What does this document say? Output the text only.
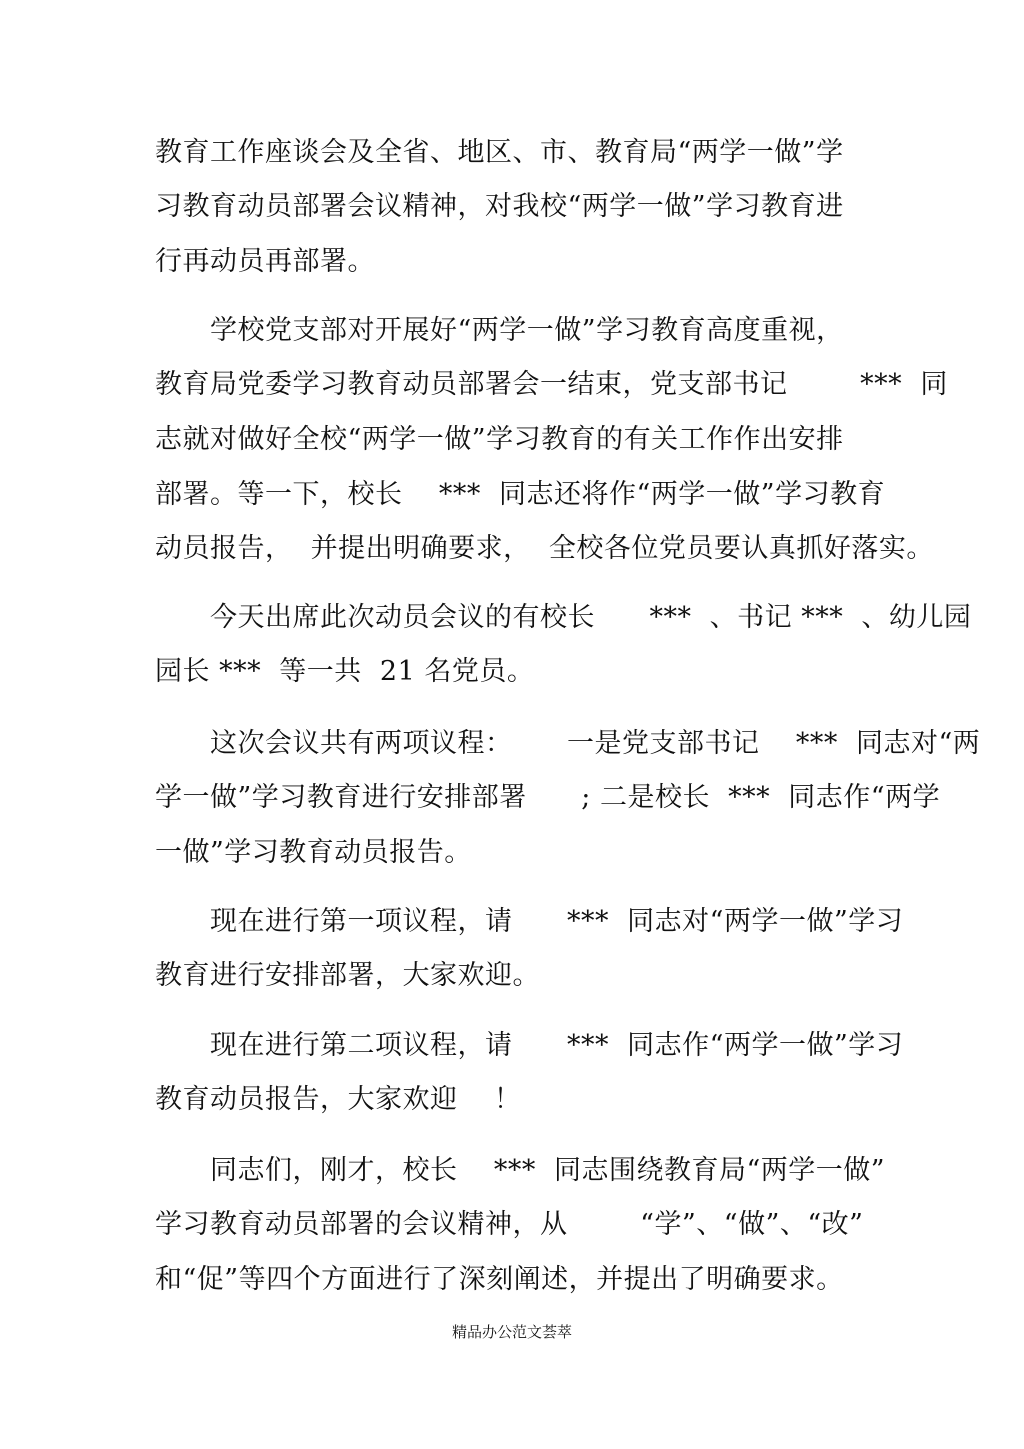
教育工作座谈会及全省、地区、市、教育局“两学一做”学
习教育动员部署会议精神，对我校“两学一做”学习教育进
行再动员再部署。
学校党支部对开展好“两学一做”学习教育高度重视，
教育局党委学习教育动员部署会一结束，党支部书记        ***  同
志就对做好全校“两学一做”学习教育的有关工作作出安排
部署。等一下，校长    ***  同志还将作“两学一做”学习教育
动员报告，  并提出明确要求，  全校各位党员要认真抓好落实。
今天出席此次动员会议的有校长      ***  、书记 ***  、幼儿园
园长 ***  等一共  21 名党员。
这次会议共有两项议程：      一是党支部书记    ***  同志对“两
学一做”学习教育进行安排部署      ; 二是校长  ***  同志作“两学
一做”学习教育动员报告。
现在进行第一项议程，请      ***  同志对“两学一做”学习
教育进行安排部署，大家欢迎。
现在进行第二项议程，请      ***  同志作“两学一做”学习
教育动员报告，大家欢迎    ！
同志们，刚才，校长    ***  同志围绕教育局“两学一做”
学习教育动员部署的会议精神，从        “学”、“做”、“改”
和“促”等四个方面进行了深刻阐述，并提出了明确要求。
精品办公范文荟萃
